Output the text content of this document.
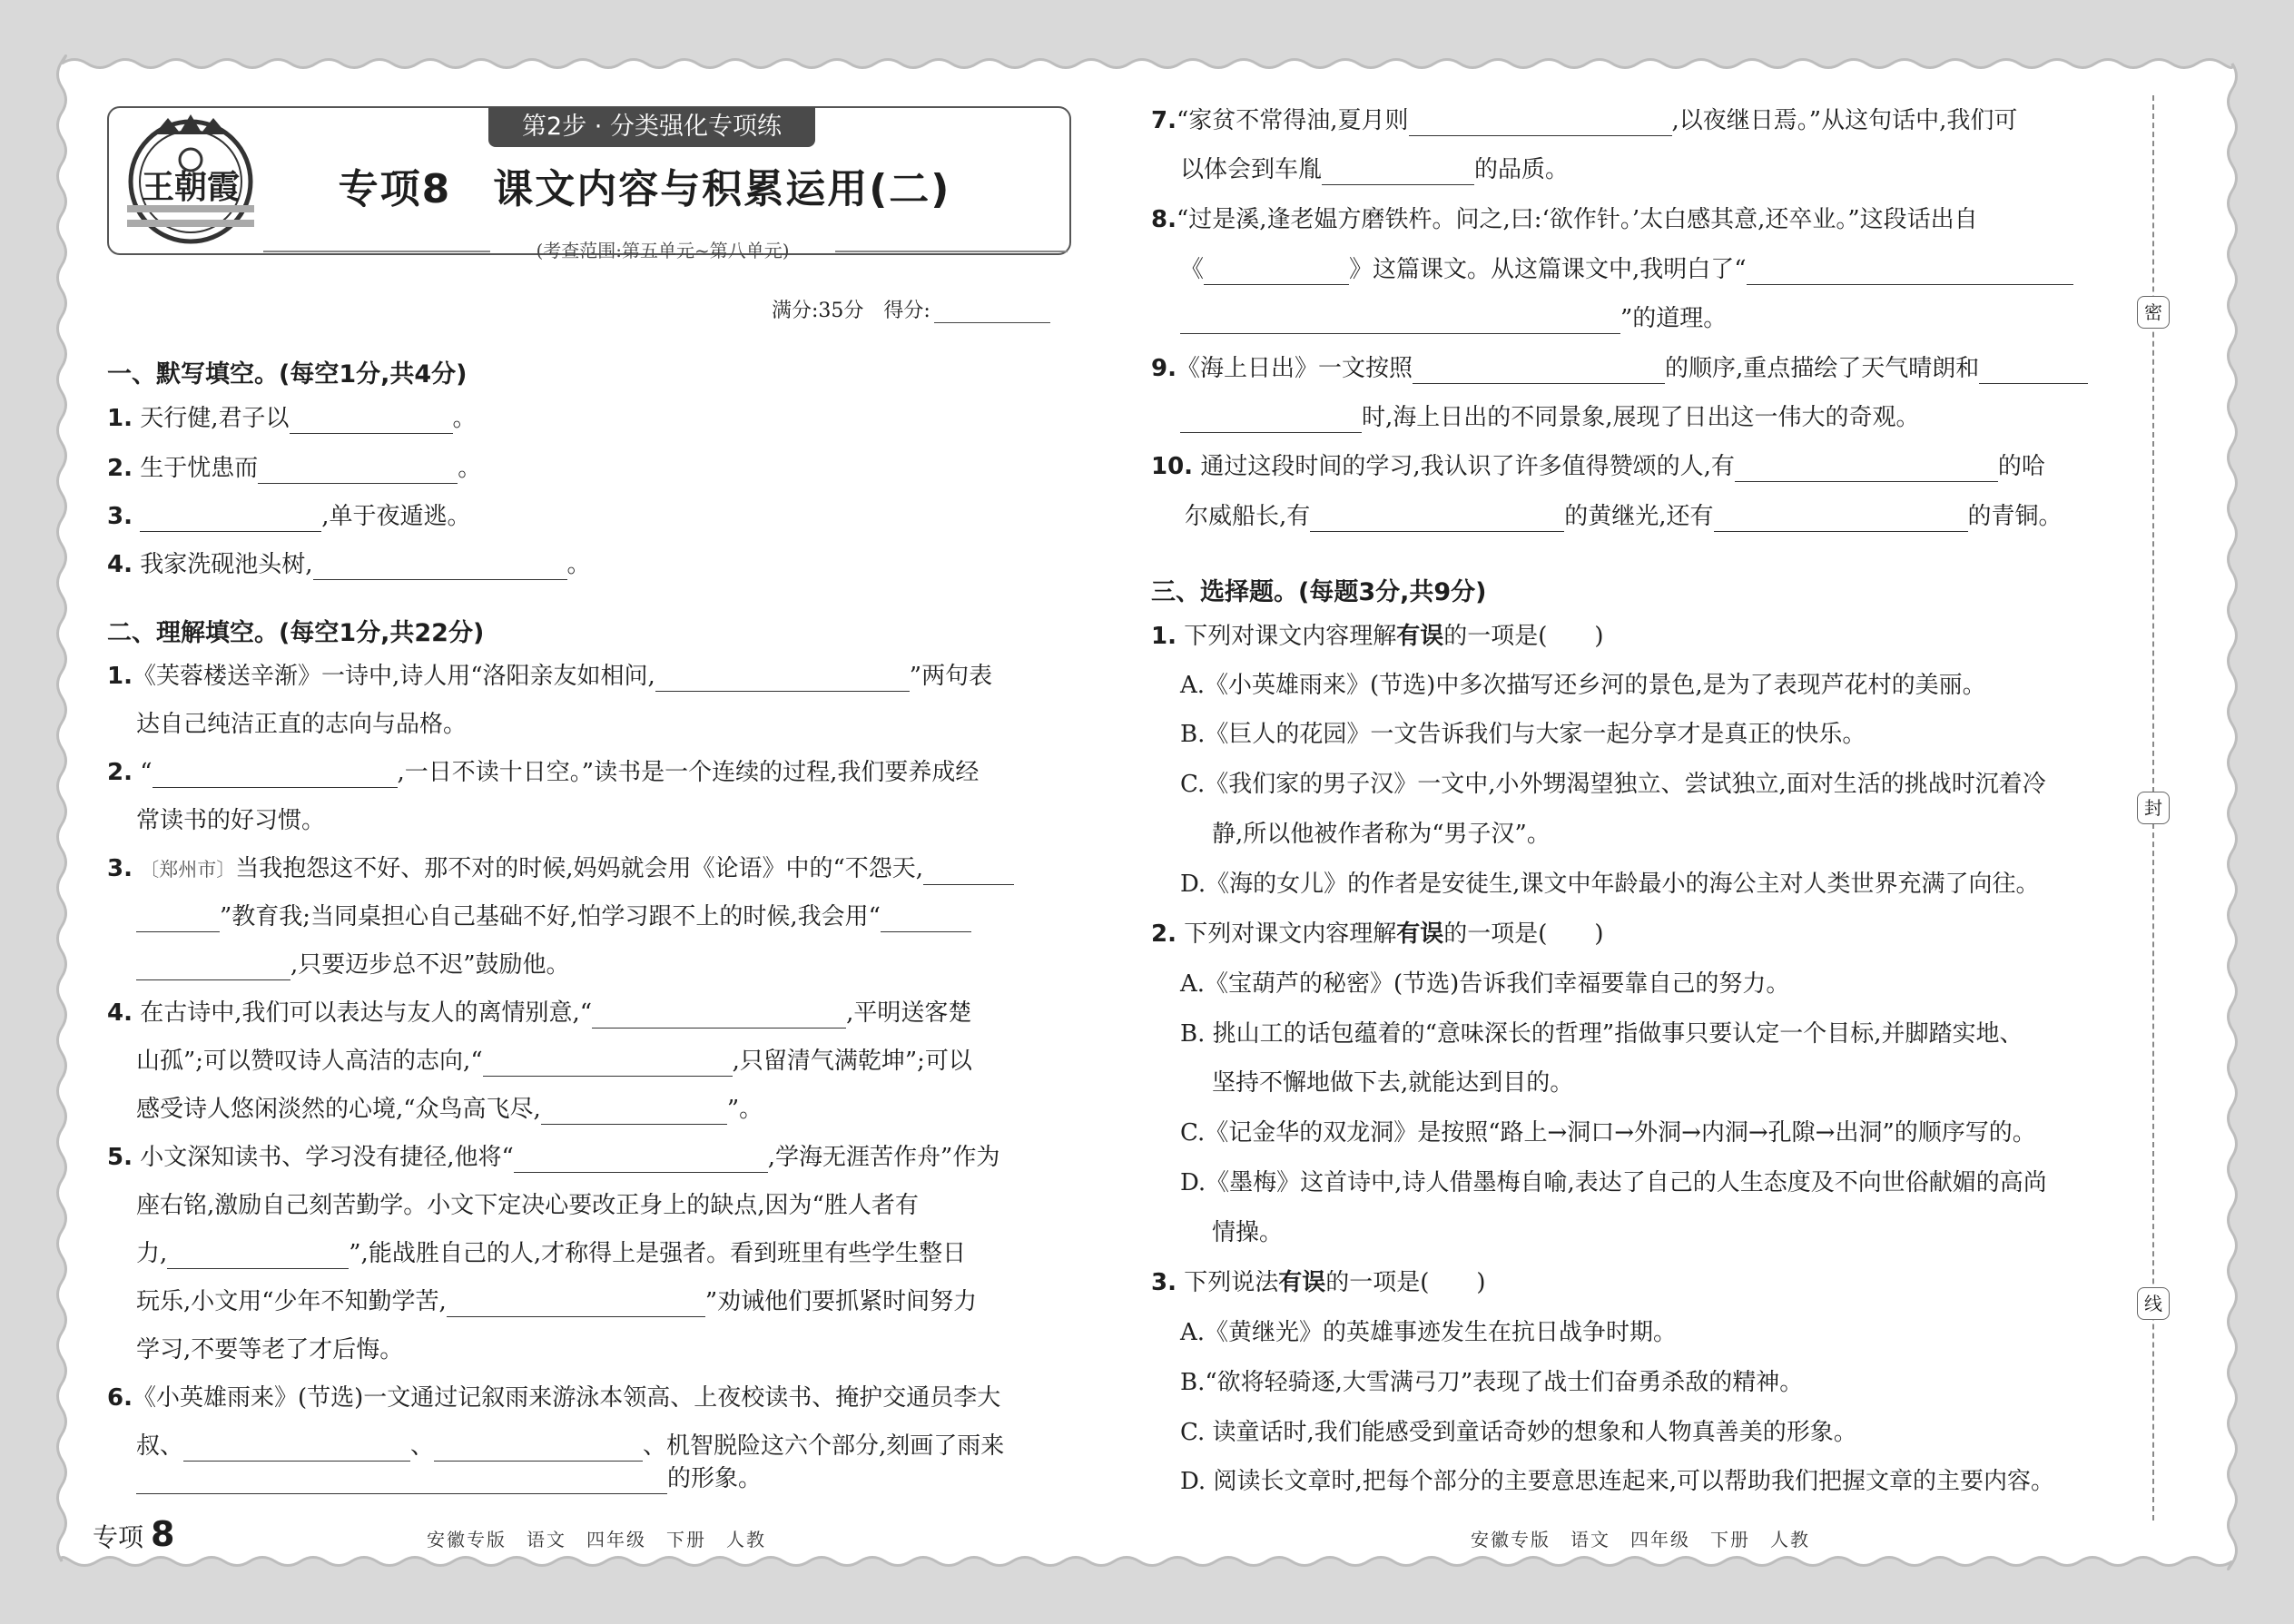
王朝霞
第2步 · 分类强化专项练
专项8　课文内容与积累运用(二)
(考查范围:第五单元~第八单元)
满分:35分　得分:
一、默写填空。(每空1分,共4分)
1. 天行健,君子以	。
2. 生于忧患而	。
3.	,单于夜遁逃。
4. 我家洗砚池头树,	。
二、理解填空。(每空1分,共22分)
1.《芙蓉楼送辛渐》一诗中,诗人用“洛阳亲友如相问,	”两句表
达自己纯洁正直的志向与品格。
2. “	,一日不读十日空。”读书是一个连续的过程,我们要养成经
常读书的好习惯。
3. 〔郑州市〕当我抱怨这不好、那不对的时候,妈妈就会用《论语》中的“不怨天,
”教育我;当同桌担心自己基础不好,怕学习跟不上的时候,我会用“
,只要迈步总不迟”鼓励他。
4. 在古诗中,我们可以表达与友人的离情别意,“	,平明送客楚
山孤”;可以赞叹诗人高洁的志向,“	,只留清气满乾坤”;可以
感受诗人悠闲淡然的心境,“众鸟高飞尽,	”。
5. 小文深知读书、学习没有捷径,他将“	,学海无涯苦作舟”作为
座右铭,激励自己刻苦勤学。小文下定决心要改正身上的缺点,因为“胜人者有
力,	”,能战胜自己的人,才称得上是强者。看到班里有些学生整日
玩乐,小文用“少年不知勤学苦,	”劝诫他们要抓紧时间努力
学习,不要等老了才后悔。
6.《小英雄雨来》(节选)一文通过记叙雨来游泳本领高、上夜校读书、掩护交通员李大
叔、	、	、机智脱险这六个部分,刻画了雨来
的形象。
7.“家贫不常得油,夏月则	,以夜继日焉。”从这句话中,我们可
以体会到车胤	的品质。
8.“过是溪,逢老媪方磨铁杵。问之,曰:‘欲作针。’太白感其意,还卒业。”这段话出自
《	》这篇课文。从这篇课文中,我明白了“
”的道理。
9.《海上日出》一文按照	的顺序,重点描绘了天气晴朗和
时,海上日出的不同景象,展现了日出这一伟大的奇观。
10. 通过这段时间的学习,我认识了许多值得赞颂的人,有	的哈
尔威船长,有	的黄继光,还有	的青铜。
三、选择题。(每题3分,共9分)
1. 下列对课文内容理解有误的一项是(　　)
A.《小英雄雨来》(节选)中多次描写还乡河的景色,是为了表现芦花村的美丽。
B.《巨人的花园》一文告诉我们与大家一起分享才是真正的快乐。
C.《我们家的男子汉》一文中,小外甥渴望独立、尝试独立,面对生活的挑战时沉着冷
静,所以他被作者称为“男子汉”。
D.《海的女儿》的作者是安徒生,课文中年龄最小的海公主对人类世界充满了向往。
2. 下列对课文内容理解有误的一项是(　　)
A.《宝葫芦的秘密》(节选)告诉我们幸福要靠自己的努力。
B. 挑山工的话包蕴着的“意味深长的哲理”指做事只要认定一个目标,并脚踏实地、
坚持不懈地做下去,就能达到目的。
C.《记金华的双龙洞》是按照“路上→洞口→外洞→内洞→孔隙→出洞”的顺序写的。
D.《墨梅》这首诗中,诗人借墨梅自喻,表达了自己的人生态度及不向世俗献媚的高尚
情操。
3. 下列说法有误的一项是(　　)
A.《黄继光》的英雄事迹发生在抗日战争时期。
B.“欲将轻骑逐,大雪满弓刀”表现了战士们奋勇杀敌的精神。
C. 读童话时,我们能感受到童话奇妙的想象和人物真善美的形象。
D. 阅读长文章时,把每个部分的主要意思连起来,可以帮助我们把握文章的主要内容。
专项 8	安徽专版　语文　四年级　下册　人教	安徽专版　语文　四年级　下册　人教
密
封
线
